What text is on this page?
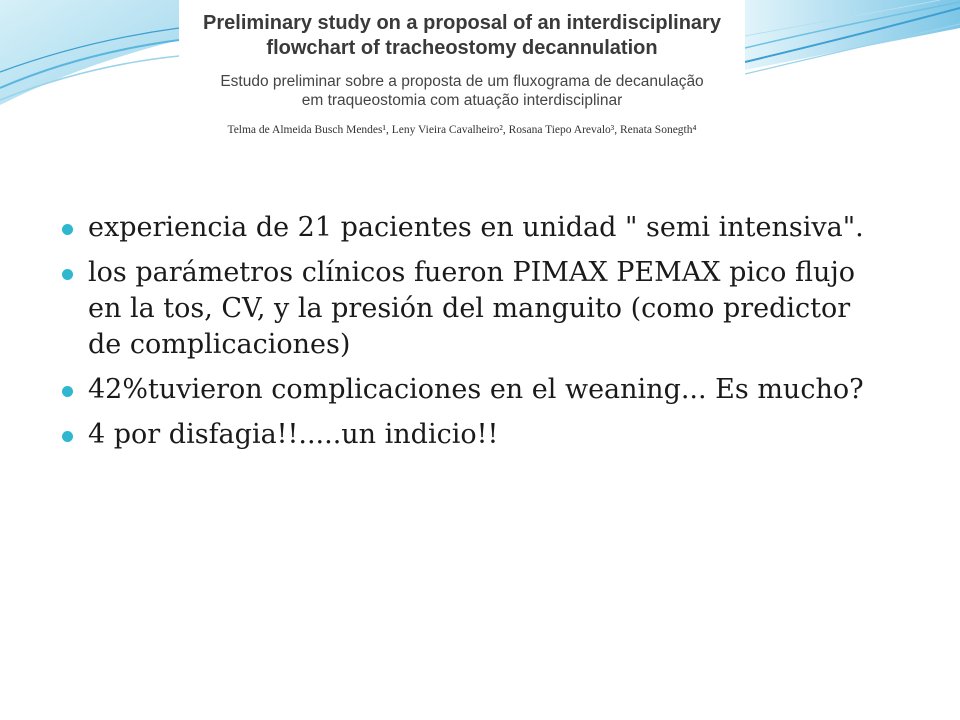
Preliminary study on a proposal of an interdisciplinary
flowchart of tracheostomy decannulation
Estudo preliminar sobre a proposta de um fluxograma de decanulação
em traqueostomia com atuação interdisciplinar
Telma de Almeida Busch Mendes¹, Leny Vieira Cavalheiro², Rosana Tiepo Arevalo³, Renata Sonegth⁴
experiencia de 21 pacientes en unidad " semi intensiva".
los parámetros clínicos fueron PIMAX PEMAX pico flujo en la tos, CV, y la presión del manguito (como predictor de complicaciones)
42%tuvieron complicaciones en el weaning... Es mucho?
4 por disfagia!!.....un indicio!!
